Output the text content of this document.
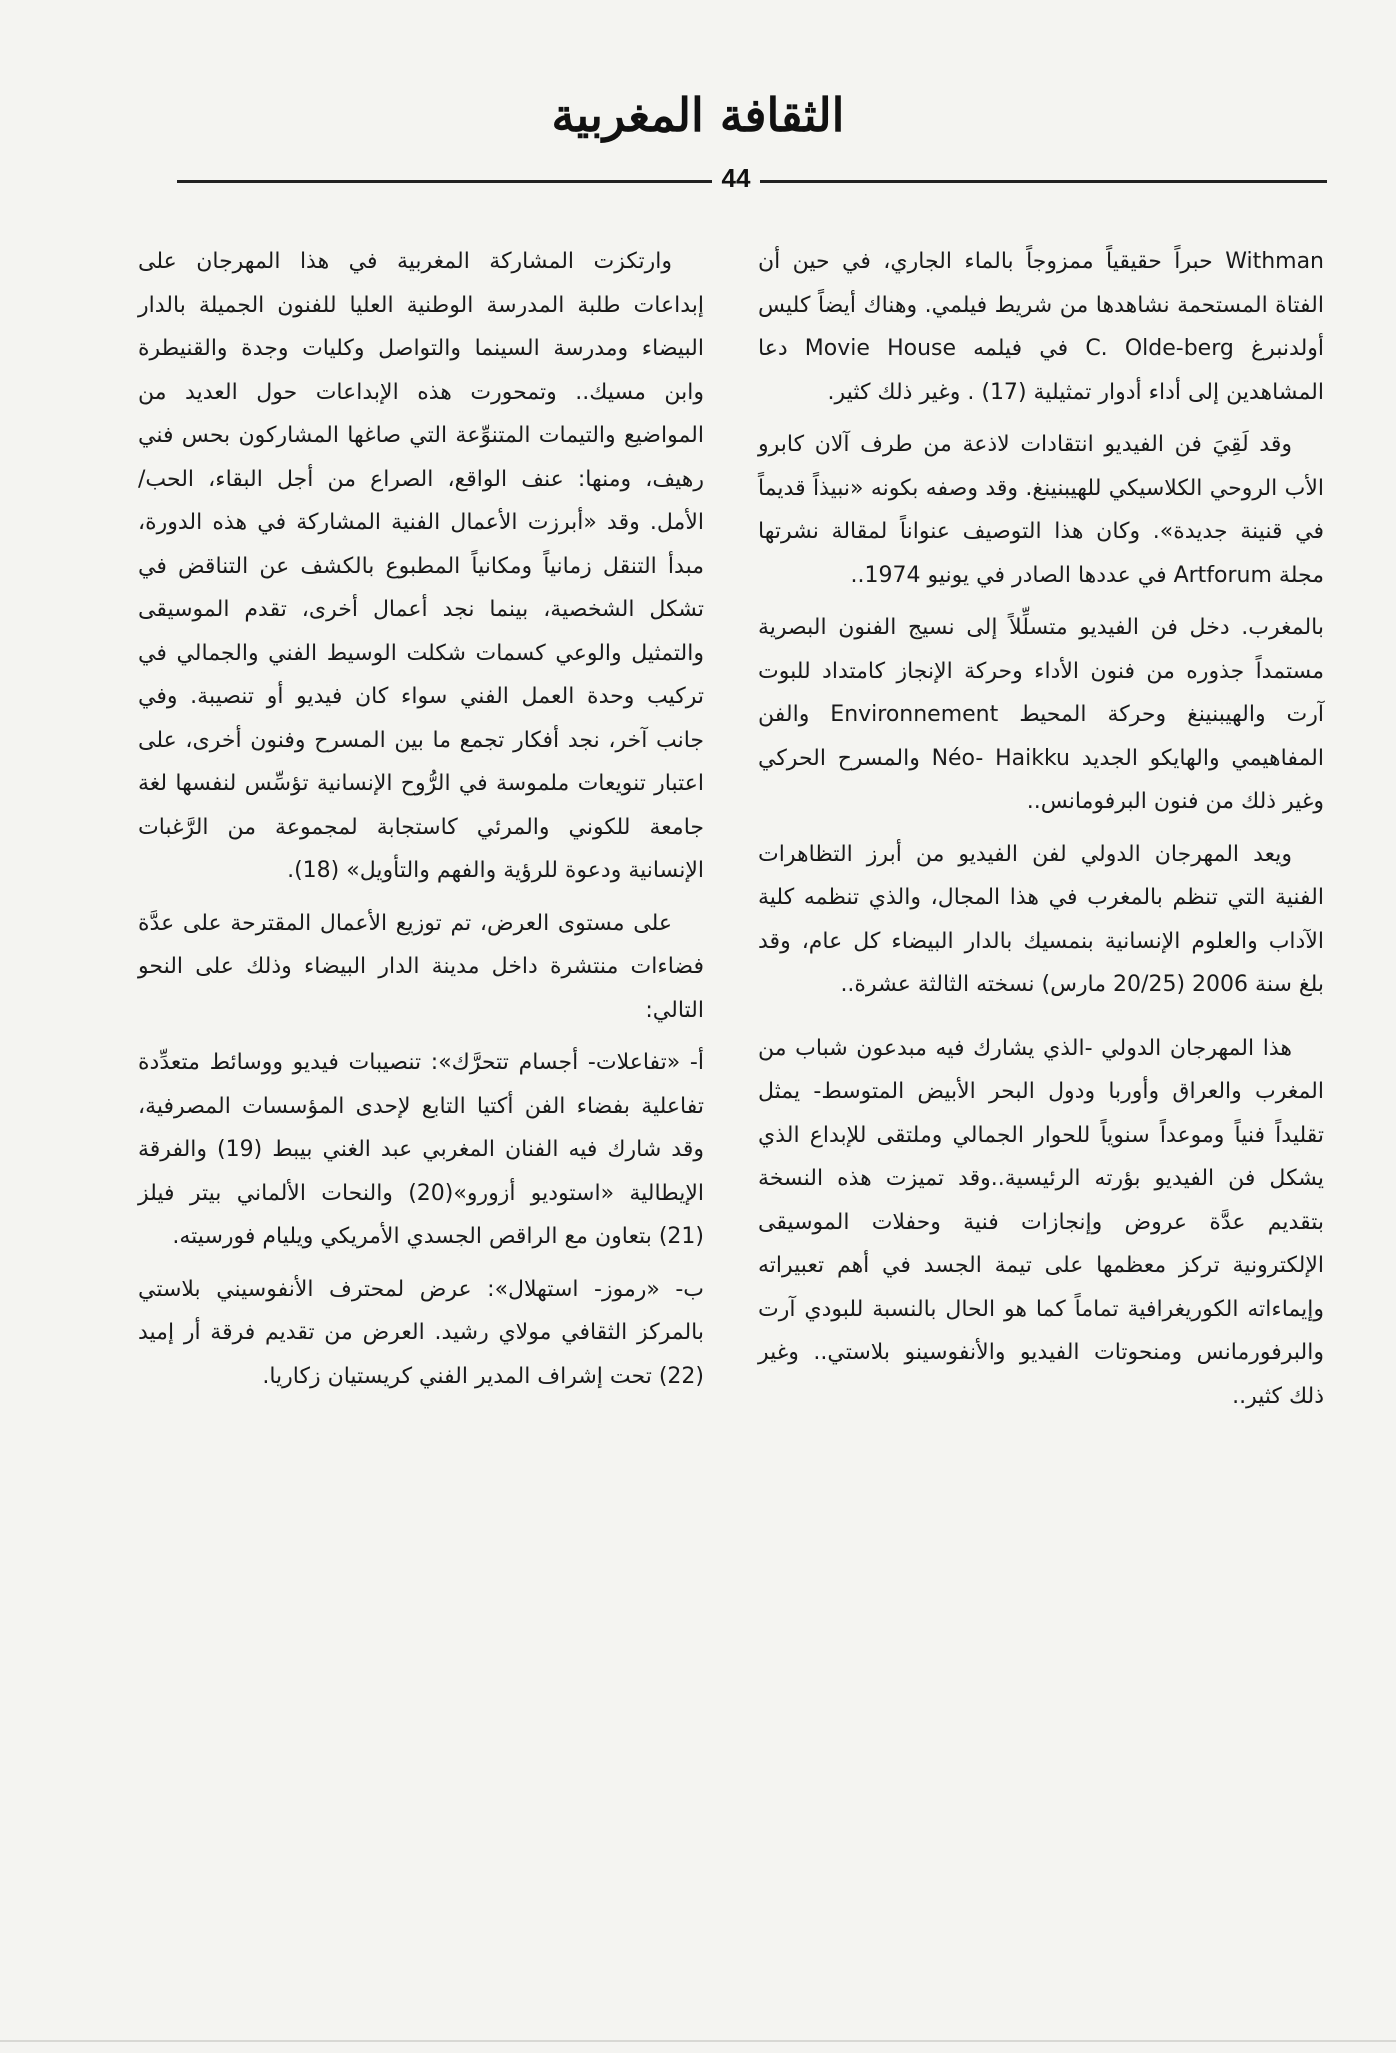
الثقافة المغربية
44

Withman حبراً حقيقياً ممزوجاً بالماء الجاري، في حين أن الفتاة المستحمة نشاهدها من شريط فيلمي. وهناك أيضاً كليس أولدنبرغ C. Olde-berg في فيلمه Movie House دعا المشاهدين إلى أداء أدوار تمثيلية (17) . وغير ذلك كثير.

وقد لَقِيَ فن الفيديو انتقادات لاذعة من طرف آلان كابرو الأب الروحي الكلاسيكي للهيبنينغ. وقد وصفه بكونه «نبيذاً قديماً في قنينة جديدة». وكان هذا التوصيف عنواناً لمقالة نشرتها مجلة Artforum في عددها الصادر في يونيو 1974..

بالمغرب. دخل فن الفيديو متسلِّلاً إلى نسيج الفنون البصرية مستمداً جذوره من فنون الأداء وحركة الإنجاز كامتداد للبوت آرت والهيبنينغ وحركة المحيط Environnement والفن المفاهيمي والهايكو الجديد Néo- Haikku والمسرح الحركي وغير ذلك من فنون البرفومانس..

ويعد المهرجان الدولي لفن الفيديو من أبرز التظاهرات الفنية التي تنظم بالمغرب في هذا المجال، والذي تنظمه كلية الآداب والعلوم الإنسانية بنمسيك بالدار البيضاء كل عام، وقد بلغ سنة 2006 (20/25 مارس) نسخته الثالثة عشرة..

هذا المهرجان الدولي -الذي يشارك فيه مبدعون شباب من المغرب والعراق وأوربا ودول البحر الأبيض المتوسط- يمثل تقليداً فنياً وموعداً سنوياً للحوار الجمالي وملتقى للإبداع الذي يشكل فن الفيديو بؤرته الرئيسية..وقد تميزت هذه النسخة بتقديم عدَّة عروض وإنجازات فنية وحفلات الموسيقى الإلكترونية تركز معظمها على تيمة الجسد في أهم تعبيراته وإيماءاته الكوريغرافية تماماً كما هو الحال بالنسبة للبودي آرت والبرفورمانس ومنحوتات الفيديو والأنفوسينو بلاستي.. وغير ذلك كثير..

وارتكزت المشاركة المغربية في هذا المهرجان على إبداعات طلبة المدرسة الوطنية العليا للفنون الجميلة بالدار البيضاء ومدرسة السينما والتواصل وكليات وجدة والقنيطرة وابن مسيك.. وتمحورت هذه الإبداعات حول العديد من المواضيع والتيمات المتنوِّعة التي صاغها المشاركون بحس فني رهيف، ومنها: عنف الواقع، الصراع من أجل البقاء، الحب/ الأمل. وقد «أبرزت الأعمال الفنية المشاركة في هذه الدورة، مبدأ التنقل زمانياً ومكانياً المطبوع بالكشف عن التناقض في تشكل الشخصية، بينما نجد أعمال أخرى، تقدم الموسيقى والتمثيل والوعي كسمات شكلت الوسيط الفني والجمالي في تركيب وحدة العمل الفني سواء كان فيديو أو تنصيبة. وفي جانب آخر، نجد أفكار تجمع ما بين المسرح وفنون أخرى، على اعتبار تنويعات ملموسة في الرُّوح الإنسانية تؤسِّس لنفسها لغة جامعة للكوني والمرئي كاستجابة لمجموعة من الرَّغبات الإنسانية ودعوة للرؤية والفهم والتأويل» (18).

على مستوى العرض، تم توزيع الأعمال المقترحة على عدَّة فضاءات منتشرة داخل مدينة الدار البيضاء وذلك على النحو التالي:

أ- «تفاعلات- أجسام تتحرَّك»: تنصيبات فيديو ووسائط متعدِّدة تفاعلية بفضاء الفن أكتيا التابع لإحدى المؤسسات المصرفية، وقد شارك فيه الفنان المغربي عبد الغني بيبط (19) والفرقة الإيطالية «استوديو أزورو»(20) والنحات الألماني بيتر فيلز (21) بتعاون مع الراقص الجسدي الأمريكي ويليام فورسيته.

ب- «رموز- استهلال»: عرض لمحترف الأنفوسيني بلاستي بالمركز الثقافي مولاي رشيد. العرض من تقديم فرقة أر إميد (22) تحت إشراف المدير الفني كريستيان زكاريا.
